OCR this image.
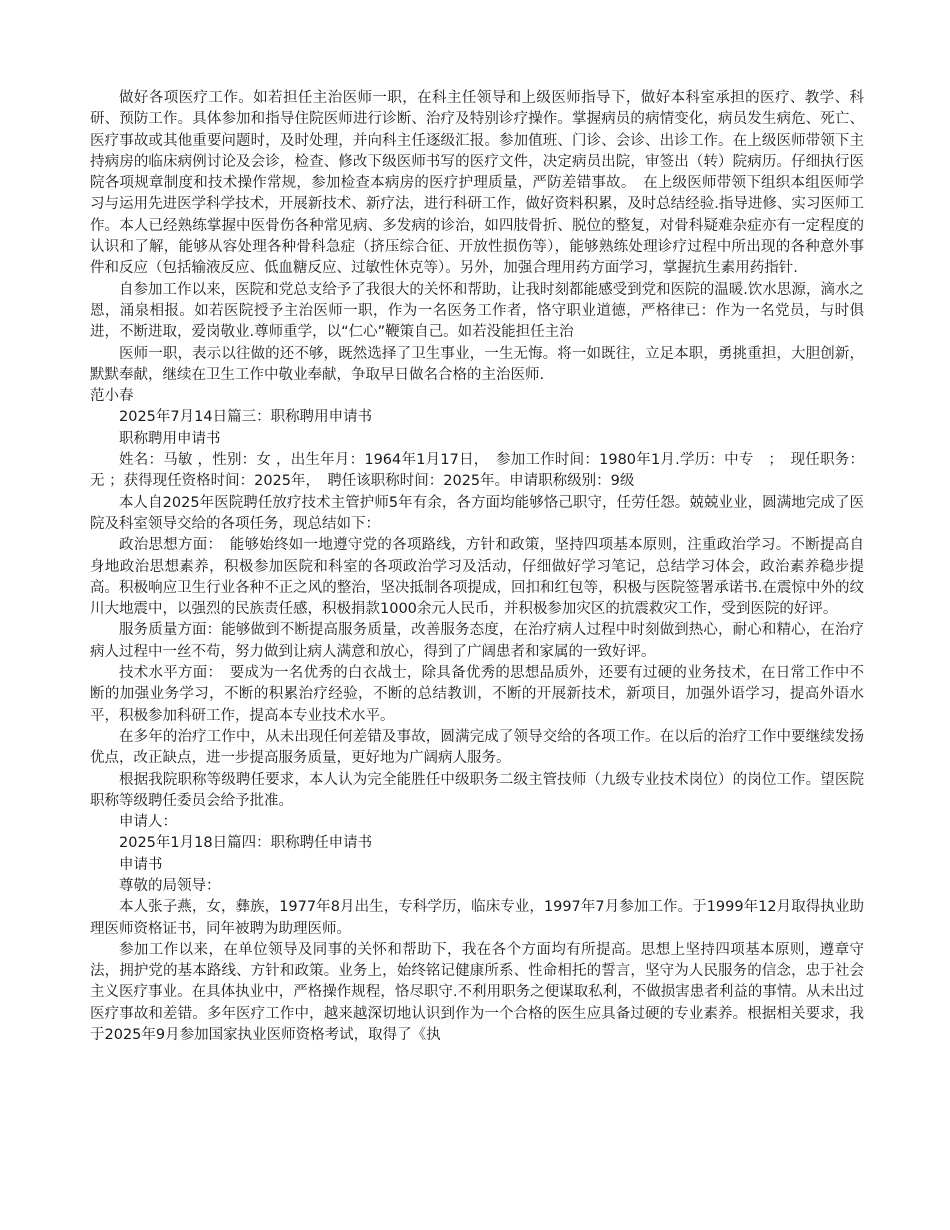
做好各项医疗工作。如若担任主治医师一职，在科主任领导和上级医师指导下，做好本科室承担的医疗、教学、科研、预防工作。具体参加和指导住院医师进行诊断、治疗及特别诊疗操作。掌握病员的病情变化，病员发生病危、死亡、医疗事故或其他重要问题时，及时处理，并向科主任逐级汇报。参加值班、门诊、会诊、出诊工作。在上级医师带领下主持病房的临床病例讨论及会诊，检查、修改下级医师书写的医疗文件，决定病员出院，审签出（转）院病历。仔细执行医院各项规章制度和技术操作常规，参加检查本病房的医疗护理质量，严防差错事故。　在上级医师带领下组织本组医师学习与运用先进医学科学技术，开展新技术、新疗法，进行科研工作，做好资料积累，及时总结经验.指导进修、实习医师工作。本人已经熟练掌握中医骨伤各种常见病、多发病的诊治，如四肢骨折、脱位的整复，对骨科疑难杂症亦有一定程度的认识和了解，能够从容处理各种骨科急症（挤压综合征、开放性损伤等），能够熟练处理诊疗过程中所出现的各种意外事件和反应（包括输液反应、低血糖反应、过敏性休克等）。另外，加强合理用药方面学习，掌握抗生素用药指针.

自参加工作以来，医院和党总支给予了我很大的关怀和帮助，让我时刻都能感受到党和医院的温暖.饮水思源，滴水之恩，涌泉相报。如若医院授予主治医师一职，作为一名医务工作者，恪守职业道德，严格律已：作为一名党员，与时俱进，不断进取，爱岗敬业.尊师重学，以“仁心”鞭策自己。如若没能担任主治

医师一职，表示以往做的还不够，既然选择了卫生事业，一生无悔。将一如既往，立足本职，勇挑重担，大胆创新，默默奉献，继续在卫生工作中敬业奉献，争取早日做名合格的主治医师.

范小春

2025年7月14日篇三：职称聘用申请书

职称聘用申请书

姓名：马敏 ，性别：女 ，出生年月：1964年1月17日，　参加工作时间：1980年1月.学历：中专　；　现任职务：无 ；获得现任资格时间：2025年，　聘任该职称时间：2025年。申请职称级别：9级

本人自2025年医院聘任放疗技术主管护师5年有余，各方面均能够恪己职守，任劳任怨。兢兢业业，圆满地完成了医院及科室领导交给的各项任务，现总结如下：

政治思想方面：　能够始终如一地遵守党的各项路线，方针和政策，坚持四项基本原则，注重政治学习。不断提高自身地政治思想素养，积极参加医院和科室的各项政治学习及活动，仔细做好学习笔记，总结学习体会，政治素养稳步提高。积极响应卫生行业各种不正之风的整治，坚决抵制各项提成，回扣和红包等，积极与医院签署承诺书.在震惊中外的纹川大地震中，以强烈的民族责任感，积极捐款1000余元人民币，并积极参加灾区的抗震救灾工作，受到医院的好评。

服务质量方面：能够做到不断提高服务质量，改善服务态度，在治疗病人过程中时刻做到热心，耐心和精心，在治疗病人过程中一丝不苟，努力做到让病人满意和放心，得到了广阔患者和家属的一致好评。

技术水平方面：　要成为一名优秀的白衣战士，除具备优秀的思想品质外，还要有过硬的业务技术，在日常工作中不断的加强业务学习，不断的积累治疗经验，不断的总结教训，不断的开展新技术，新项目，加强外语学习，提高外语水平，积极参加科研工作，提高本专业技术水平。

在多年的治疗工作中，从未出现任何差错及事故，圆满完成了领导交给的各项工作。在以后的治疗工作中要继续发扬优点，改正缺点，进一步提高服务质量，更好地为广阔病人服务。

根据我院职称等级聘任要求，本人认为完全能胜任中级职务二级主管技师（九级专业技术岗位）的岗位工作。望医院职称等级聘任委员会给予批准。

申请人：

2025年1月18日篇四：职称聘任申请书

申请书

尊敬的局领导：

本人张子燕，女，彝族，1977年8月出生，专科学历，临床专业，1997年7月参加工作。于1999年12月取得执业助理医师资格证书，同年被聘为助理医师。

参加工作以来，在单位领导及同事的关怀和帮助下，我在各个方面均有所提高。思想上坚持四项基本原则，遵章守法，拥护党的基本路线、方针和政策。业务上，始终铭记健康所系、性命相托的誓言，坚守为人民服务的信念，忠于社会主义医疗事业。在具体执业中，严格操作规程，恪尽职守.不利用职务之便谋取私利，不做损害患者利益的事情。从未出过医疗事故和差错。多年医疗工作中，越来越深切地认识到作为一个合格的医生应具备过硬的专业素养。根据相关要求，我于2025年9月参加国家执业医师资格考试，取得了《执
